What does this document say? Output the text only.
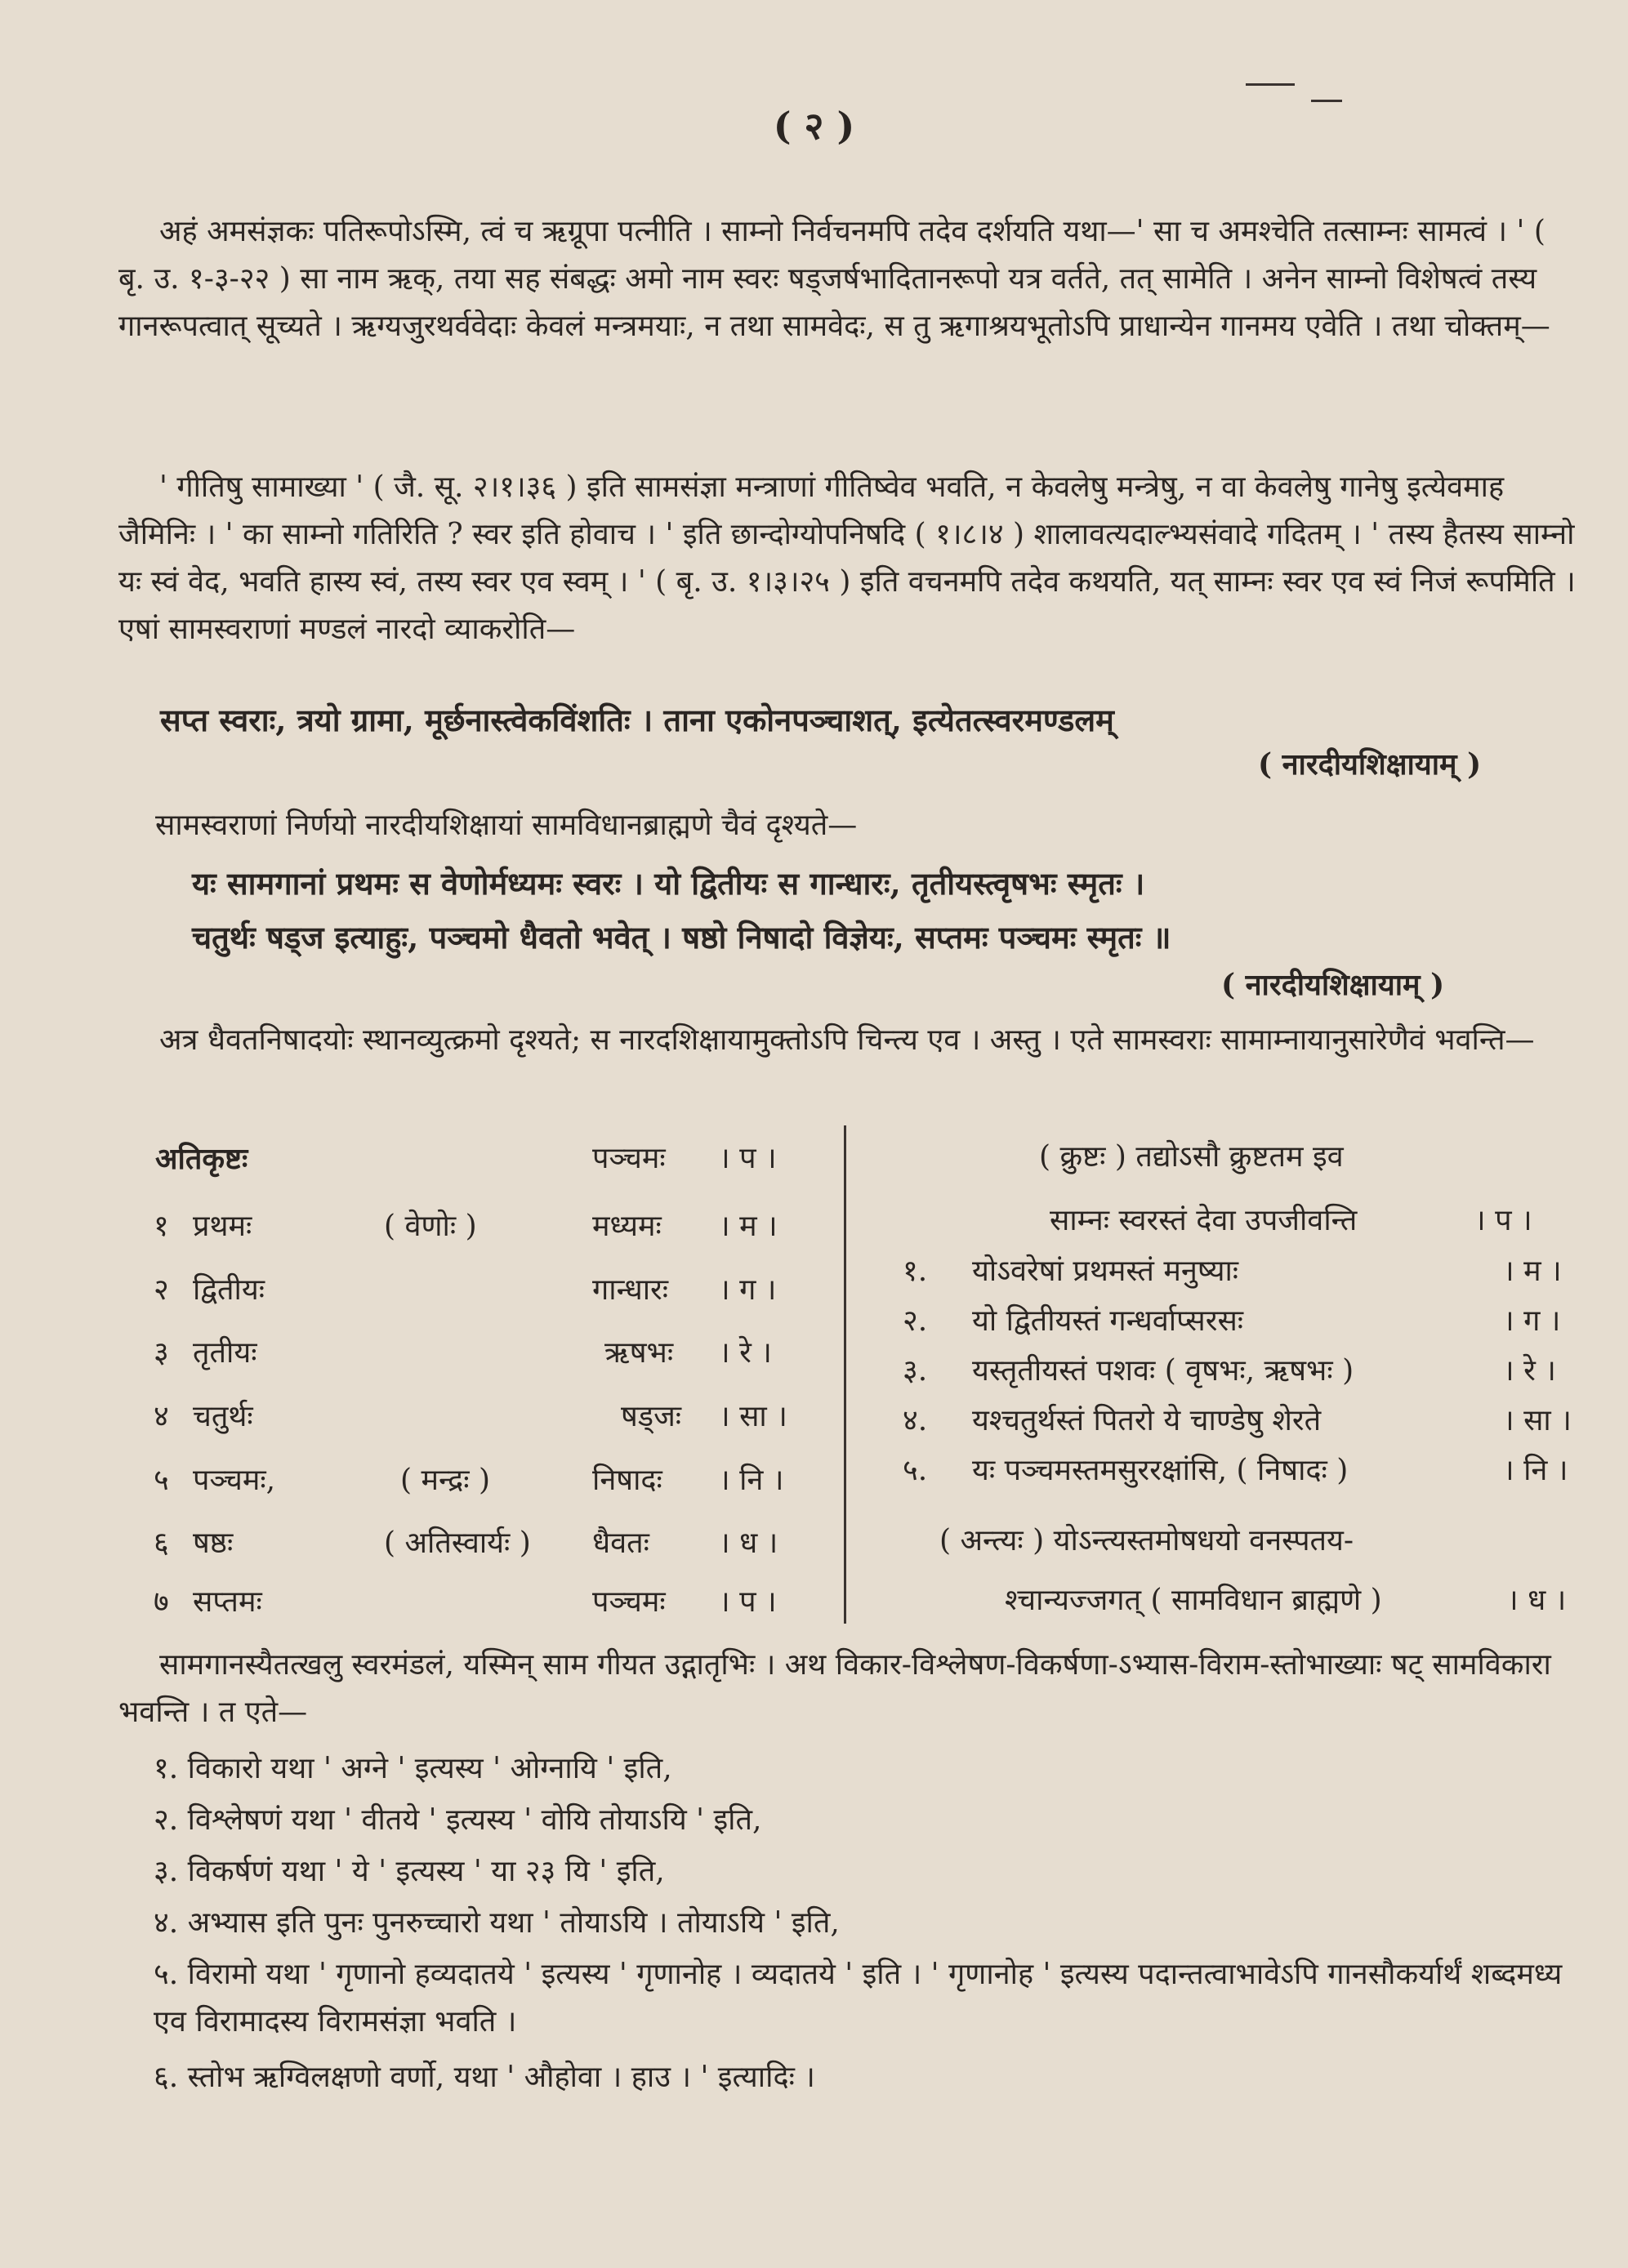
( २ )

अहं अमसंज्ञकः पतिरूपोऽस्मि, त्वं च ऋग्रूपा पत्नीति । साम्नो निर्वचनमपि तदेव दर्शयति यथा—' सा च अमश्चेति तत्साम्नः सामत्वं । ' ( बृ. उ. १-३-२२ ) सा नाम ऋक्, तया सह संबद्धः अमो नाम स्वरः षड्जर्षभादितानरूपो यत्र वर्तते, तत् सामेति । अनेन साम्नो विशेषत्वं तस्य गानरूपत्वात् सूच्यते । ऋग्यजुरथर्ववेदाः केवलं मन्त्रमयाः, न तथा सामवेदः, स तु ऋगाश्रयभूतोऽपि प्राधान्येन गानमय एवेति । तथा चोक्तम्—

' गीतिषु सामाख्या ' ( जै. सू. २।१।३६ ) इति सामसंज्ञा मन्त्राणां गीतिष्वेव भवति, न केवलेषु मन्त्रेषु, न वा केवलेषु गानेषु इत्येवमाह जैमिनिः । ' का साम्नो गतिरिति ? स्वर इति होवाच । ' इति छान्दोग्योपनिषदि ( १।८।४ ) शालावत्यदाल्भ्यसंवादे गदितम् । ' तस्य हैतस्य साम्नो यः स्वं वेद, भवति हास्य स्वं, तस्य स्वर एव स्वम् । ' ( बृ. उ. १।३।२५ ) इति वचनमपि तदेव कथयति, यत् साम्नः स्वर एव स्वं निजं रूपमिति । एषां सामस्वराणां मण्डलं नारदो व्याकरोति—

सप्त स्वराः, त्रयो ग्रामा, मूर्छनास्त्वेकविंशतिः । ताना एकोनपञ्चाशत्, इत्येतत्स्वरमण्डलम्

( नारदीयशिक्षायाम् )

सामस्वराणां निर्णयो नारदीयशिक्षायां सामविधानब्राह्मणे चैवं दृश्यते—

यः सामगानां प्रथमः स वेणोर्मध्यमः स्वरः । यो द्वितीयः स गान्धारः, तृतीयस्त्वृषभः स्मृतः ।

चतुर्थः षड्ज इत्याहुः, पञ्चमो धैवतो भवेत् । षष्ठो निषादो विज्ञेयः, सप्तमः पञ्चमः स्मृतः ॥

( नारदीयशिक्षायाम् )

अत्र धैवतनिषादयोः स्थानव्युत्क्रमो दृश्यते; स नारदशिक्षायामुक्तोऽपि चिन्त्य एव । अस्तु । एते सामस्वराः सामाम्नायानुसारेणैवं भवन्ति—

अतिकृष्टः	पञ्चमः । प ।
१ प्रथमः	( वेणोः )	मध्यमः । म ।
२ द्वितीयः	गान्धारः । ग ।
३ तृतीयः	ऋषभः । रे ।
४ चतुर्थः	षड्जः । सा ।
५ पञ्चमः,	( मन्द्रः )	निषादः । नि ।
६ षष्ठः	( अतिस्वार्यः ) धैवतः । ध ।
७ सप्तमः	पञ्चमः । प ।
( क्रुष्टः ) तद्योऽसौ क्रुष्टतम इव
साम्नः स्वरस्तं देवा उपजीवन्ति	। प ।
१. योऽवरेषां प्रथमस्तं मनुष्याः	। म ।
२. यो द्वितीयस्तं गन्धर्वाप्सरसः	। ग ।
३. यस्तृतीयस्तं पशवः ( वृषभः, ऋषभः )	। रे ।
४. यश्चतुर्थस्तं पितरो ये चाण्डेषु शेरते	। सा ।
५. यः पञ्चमस्तमसुररक्षांसि, ( निषादः )	। नि ।
( अन्त्यः ) योऽन्त्यस्तमोषधयो वनस्पतय-
श्चान्यज्जगत् ( सामविधान ब्राह्मणे )	। ध ।

सामगानस्यैतत्खलु स्वरमंडलं, यस्मिन् साम गीयत उद्गातृभिः । अथ विकार-विश्लेषण-विकर्षणा-ऽभ्यास-विराम-स्तोभाख्याः षट् सामविकारा भवन्ति । त एते—

१. विकारो यथा ' अग्ने ' इत्यस्य ' ओग्नायि ' इति,
२. विश्लेषणं यथा ' वीतये ' इत्यस्य ' वोयि तोयाऽयि ' इति,
३. विकर्षणं यथा ' ये ' इत्यस्य ' या २३ यि ' इति,
४. अभ्यास इति पुनः पुनरुच्चारो यथा ' तोयाऽयि । तोयाऽयि ' इति,
५. विरामो यथा ' गृणानो हव्यदातये ' इत्यस्य ' गृणानोह । व्यदातये ' इति । ' गृणानोह ' इत्यस्य पदान्तत्वाभावेऽपि गानसौकर्यार्थं शब्दमध्य एव विरामादस्य विरामसंज्ञा भवति ।
६. स्तोभ ऋग्विलक्षणो वर्णो, यथा ' औहोवा । हाउ । ' इत्यादिः ।
